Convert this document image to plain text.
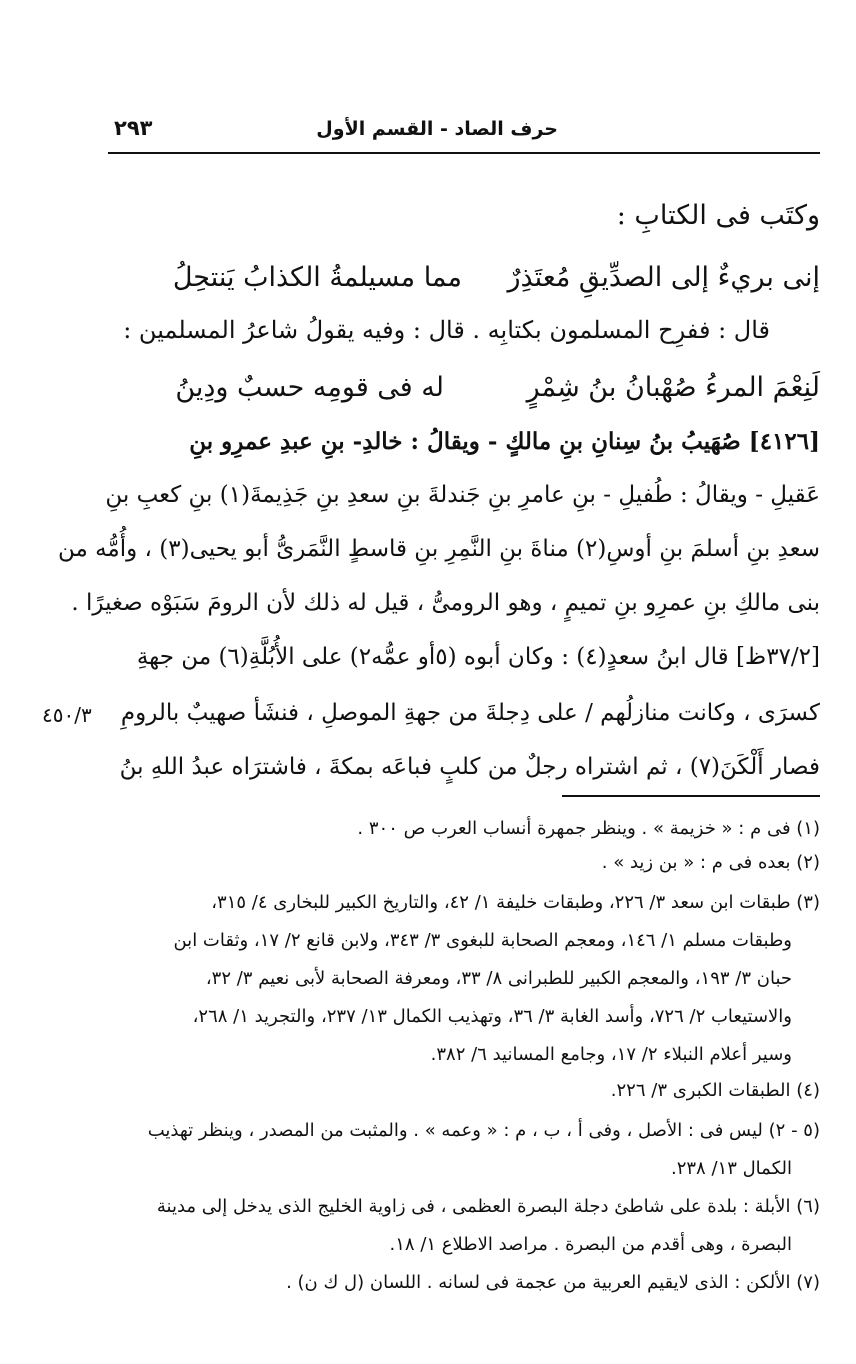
حرف الصاد - القسم الأول
٢٩٣
وكتَب فى الكتابِ :
إنى بريءٌ إلى الصدِّيقِ مُعتَذِرٌ
مما مسيلمةُ الكذابُ يَنتحِلُ
قال : ففرِح المسلمون بكتابِه . قال : وفيه يقولُ شاعرُ المسلمين :
لَنِعْمَ المرءُ صُهْبانُ بنُ شِمْرٍ
له فى قومِه حسبٌ ودِينُ
[٤١٢٦] صُهَيبُ بنُ سِنانِ بنِ مالكٍ - ويقالُ : خالدِ- بنِ عبدِ عمرِو بنِ
عَقيلِ - ويقالُ : طُفيلِ - بنِ عامرِ بنِ جَندلةَ بنِ سعدِ بنِ جَذِيمةَ(١) بنِ كعبِ بنِ
سعدِ بنِ أسلمَ بنِ أوسِ(٢) مناةَ بنِ النَّمِرِ بنِ قاسطٍ النَّمَرىُّ أبو يحيى(٣) ، وأُمُّه من
بنى مالكِ بنِ عمرِو بنِ تميمٍ ، وهو الرومىُّ ، قيل له ذلك لأن الرومَ سَبَوْه صغيرًا .
[٣٧/٢ظ] قال ابنُ سعدٍ(٤) : وكان أبوه (٥أو عمُّه٢) على الأُبُلَّةِ(٦) من جهةِ
كسرَى ، وكانت منازلُهم / على دِجلةَ من جهةِ الموصلِ ، فنشَأ صهيبٌ بالرومِ
فصار أَلْكَنَ(٧) ، ثم اشتراه رجلٌ من كلبٍ فباعَه بمكةَ ، فاشترَاه عبدُ اللهِ بنُ
٤٥٠/٣
(١) فى م : « خزيمة » . وينظر جمهرة أنساب العرب ص ٣٠٠ .
(٢) بعده فى م : « بن زيد » .
(٣) طبقات ابن سعد ٣/ ٢٢٦، وطبقات خليفة ١/ ٤٢، والتاريخ الكبير للبخارى ٤/ ٣١٥،
وطبقات مسلم ١/ ١٤٦، ومعجم الصحابة للبغوى ٣/ ٣٤٣، ولابن قانع ٢/ ١٧، وثقات ابن
حبان ٣/ ١٩٣، والمعجم الكبير للطبرانى ٨/ ٣٣، ومعرفة الصحابة لأبى نعيم ٣/ ٣٢،
والاستيعاب ٢/ ٧٢٦، وأسد الغابة ٣/ ٣٦، وتهذيب الكمال ١٣/ ٢٣٧، والتجريد ١/ ٢٦٨،
وسير أعلام النبلاء ٢/ ١٧، وجامع المسانيد ٦/ ٣٨٢.
(٤) الطبقات الكبرى ٣/ ٢٢٦.
(٥ - ٢) ليس فى : الأصل ، وفى أ ، ب ، م : « وعمه » . والمثبت من المصدر ، وينظر تهذيب
الكمال ١٣/ ٢٣٨.
(٦) الأبلة : بلدة على شاطئ دجلة البصرة العظمى ، فى زاوية الخليج الذى يدخل إلى مدينة
البصرة ، وهى أقدم من البصرة . مراصد الاطلاع ١/ ١٨.
(٧) الألكن : الذى لايقيم العربية من عجمة فى لسانه . اللسان (ل ك ن) .
